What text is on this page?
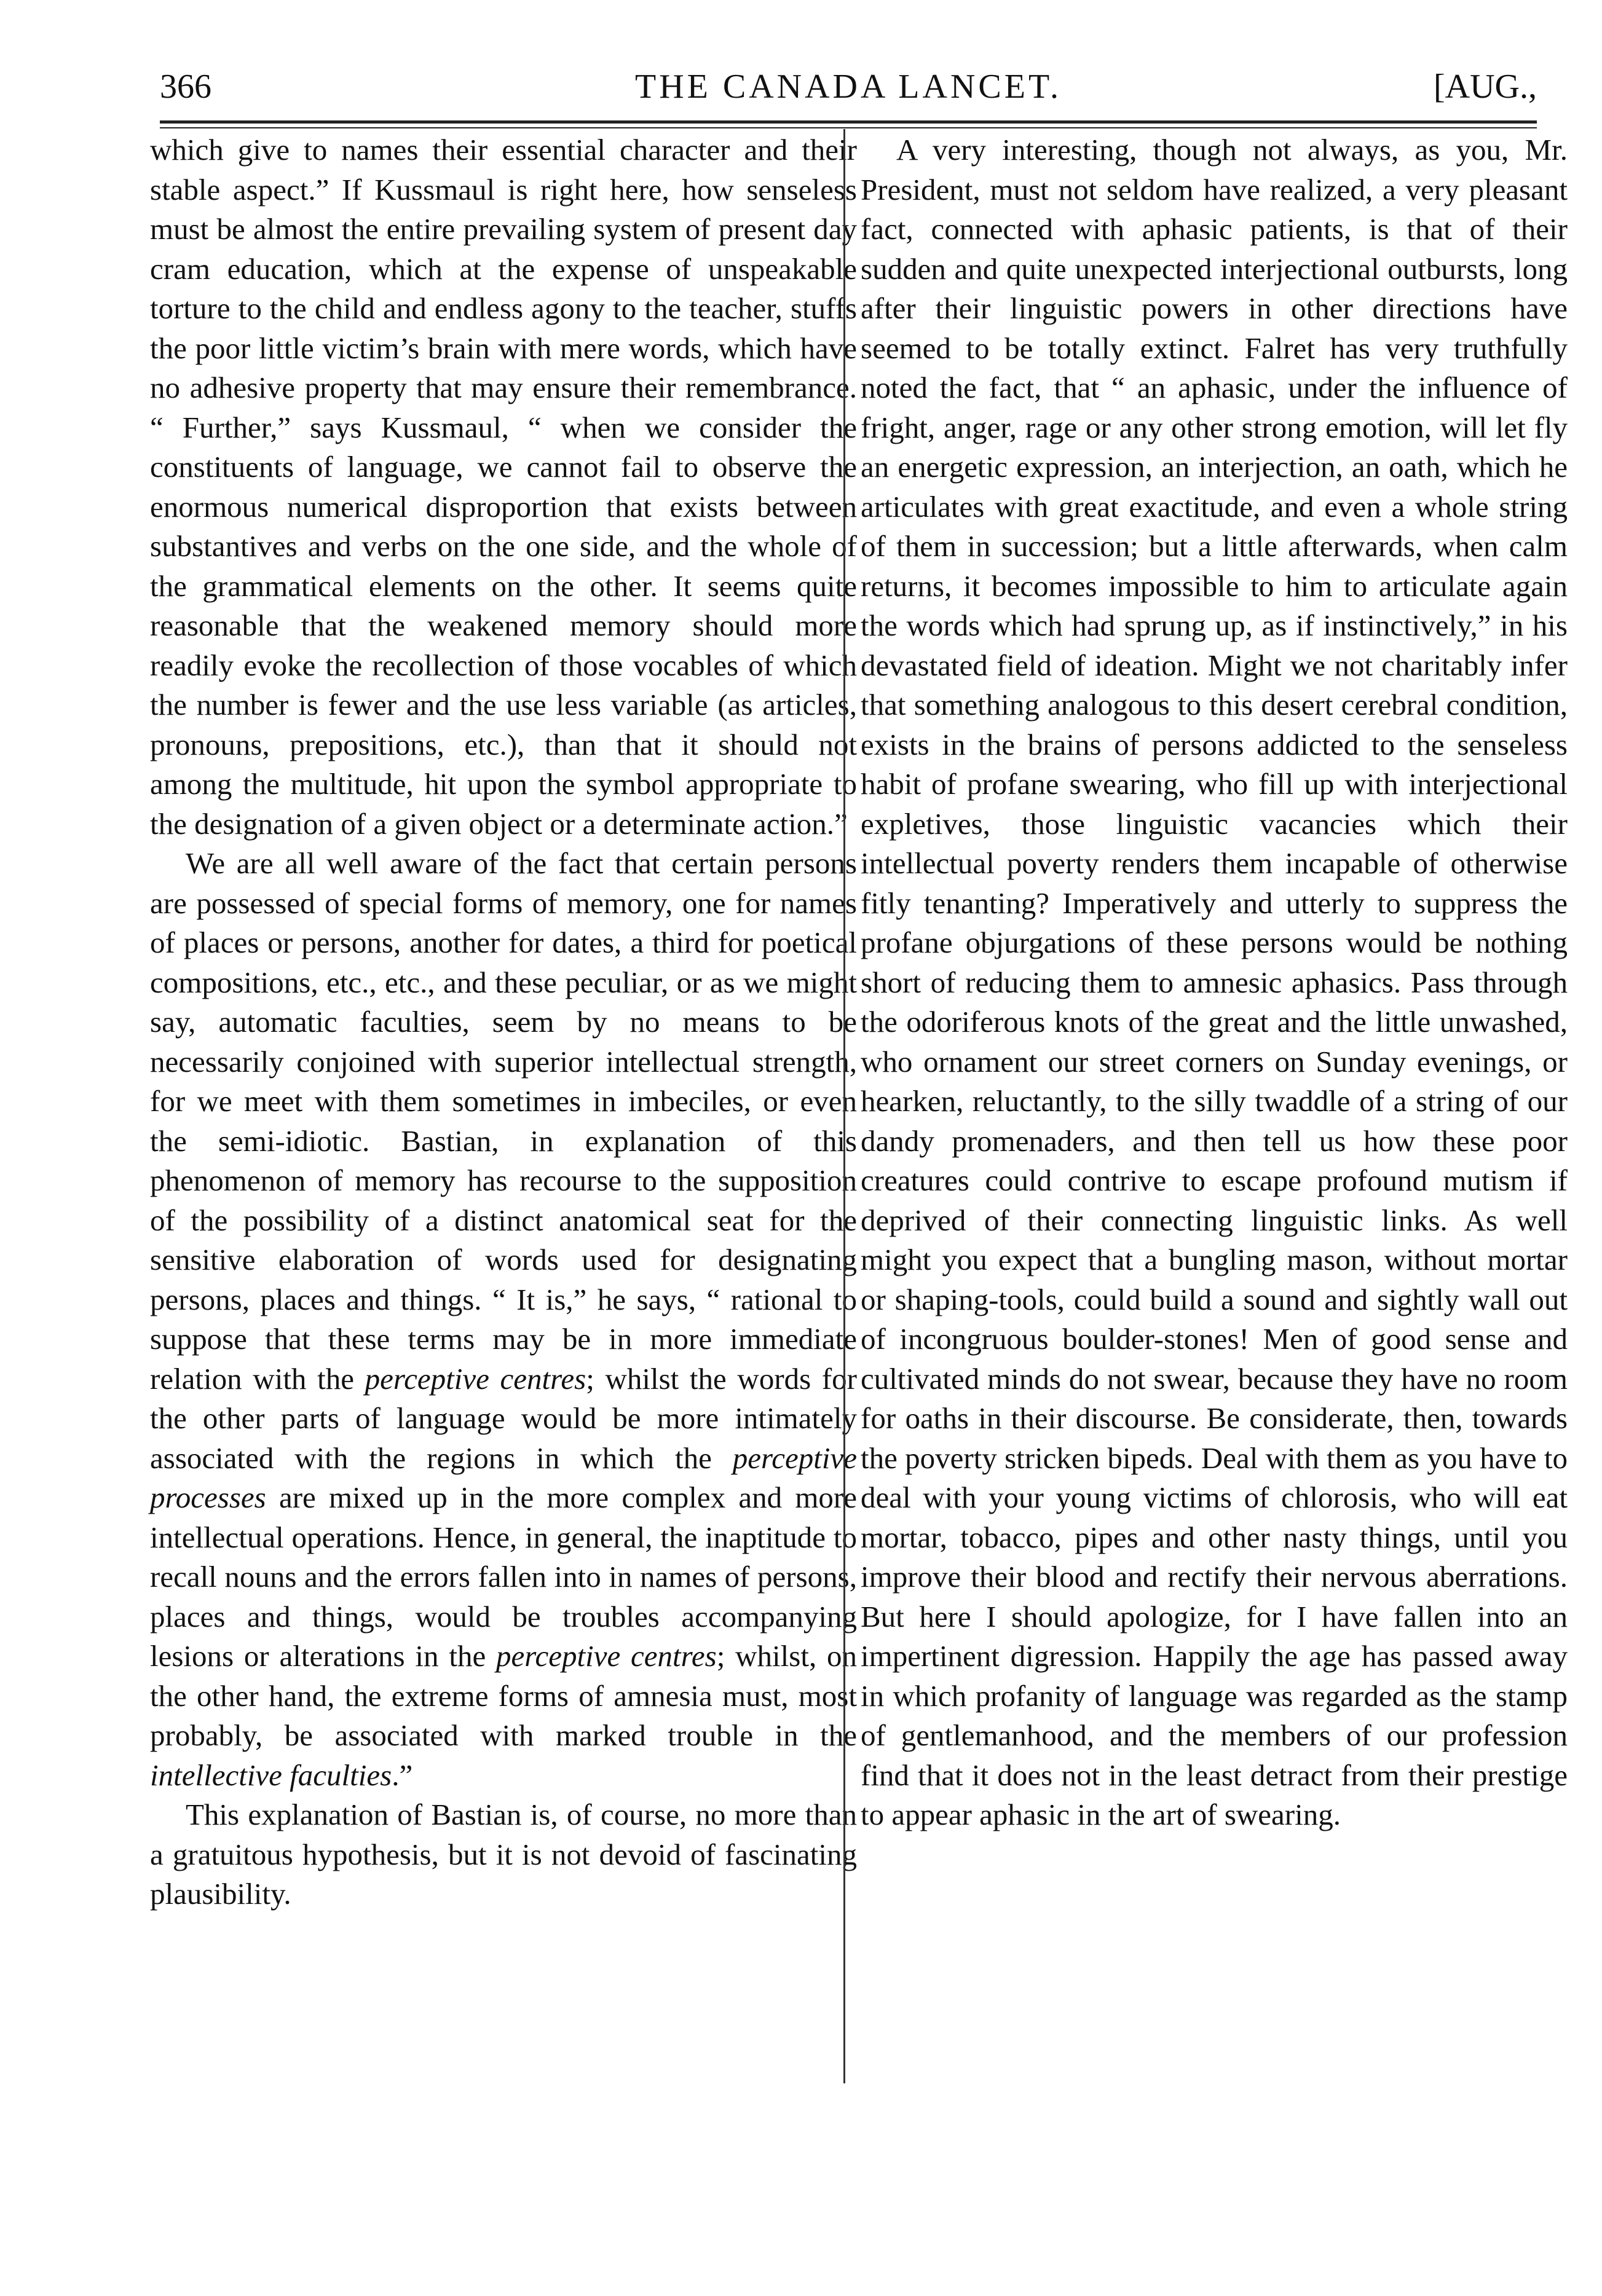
366	THE CANADA LANCET.	[AUG.,

which give to names their essential character and their stable aspect.” If Kussmaul is right here, how senseless must be almost the entire prevailing system of present day cram education, which at the expense of unspeakable torture to the child and endless agony to the teacher, stuffs the poor little victim’s brain with mere words, which have no adhesive property that may ensure their remembrance. “ Further,” says Kussmaul, “ when we consider the constituents of language, we cannot fail to observe the enormous numerical disproportion that exists between substantives and verbs on the one side, and the whole of the grammatical elements on the other. It seems quite reasonable that the weakened memory should more readily evoke the recollection of those vocables of which the number is fewer and the use less variable (as articles, pronouns, prepositions, etc.), than that it should not among the multitude, hit upon the symbol appropriate to the designation of a given object or a determinate action.”

We are all well aware of the fact that certain persons are possessed of special forms of memory, one for names of places or persons, another for dates, a third for poetical compositions, etc., etc., and these peculiar, or as we might say, automatic faculties, seem by no means to be necessarily conjoined with superior intellectual strength, for we meet with them sometimes in imbeciles, or even the semi-idiotic. Bastian, in explanation of this phenomenon of memory has recourse to the supposition of the possibility of a distinct anatomical seat for the sensitive elaboration of words used for designating persons, places and things. “ It is,” he says, “ rational to suppose that these terms may be in more immediate relation with the perceptive centres; whilst the words for the other parts of language would be more intimately associated with the regions in which the perceptive processes are mixed up in the more complex and more intellectual operations. Hence, in general, the inaptitude to recall nouns and the errors fallen into in names of persons, places and things, would be troubles accompanying lesions or alterations in the perceptive centres; whilst, on the other hand, the extreme forms of amnesia must, most probably, be associated with marked trouble in the intellective faculties.”

This explanation of Bastian is, of course, no more than a gratuitous hypothesis, but it is not devoid of fascinating plausibility.

A very interesting, though not always, as you, Mr. President, must not seldom have realized, a very pleasant fact, connected with aphasic patients, is that of their sudden and quite unexpected interjectional outbursts, long after their linguistic powers in other directions have seemed to be totally extinct. Falret has very truthfully noted the fact, that “ an aphasic, under the influence of fright, anger, rage or any other strong emotion, will let fly an energetic expression, an interjection, an oath, which he articulates with great exactitude, and even a whole string of them in succession; but a little afterwards, when calm returns, it becomes impossible to him to articulate again the words which had sprung up, as if instinctively,” in his devastated field of ideation. Might we not charitably infer that something analogous to this desert cerebral condition, exists in the brains of persons addicted to the senseless habit of profane swearing, who fill up with interjectional expletives, those linguistic vacancies which their intellectual poverty renders them incapable of otherwise fitly tenanting? Imperatively and utterly to suppress the profane objurgations of these persons would be nothing short of reducing them to amnesic aphasics. Pass through the odoriferous knots of the great and the little unwashed, who ornament our street corners on Sunday evenings, or hearken, reluctantly, to the silly twaddle of a string of our dandy promenaders, and then tell us how these poor creatures could contrive to escape profound mutism if deprived of their connecting linguistic links. As well might you expect that a bungling mason, without mortar or shaping-tools, could build a sound and sightly wall out of incongruous boulder-stones! Men of good sense and cultivated minds do not swear, because they have no room for oaths in their discourse. Be considerate, then, towards the poverty stricken bipeds. Deal with them as you have to deal with your young victims of chlorosis, who will eat mortar, tobacco, pipes and other nasty things, until you improve their blood and rectify their nervous aberrations. But here I should apologize, for I have fallen into an impertinent digression. Happily the age has passed away in which profanity of language was regarded as the stamp of gentlemanhood, and the members of our profession find that it does not in the least detract from their prestige to appear aphasic in the art of swearing.
